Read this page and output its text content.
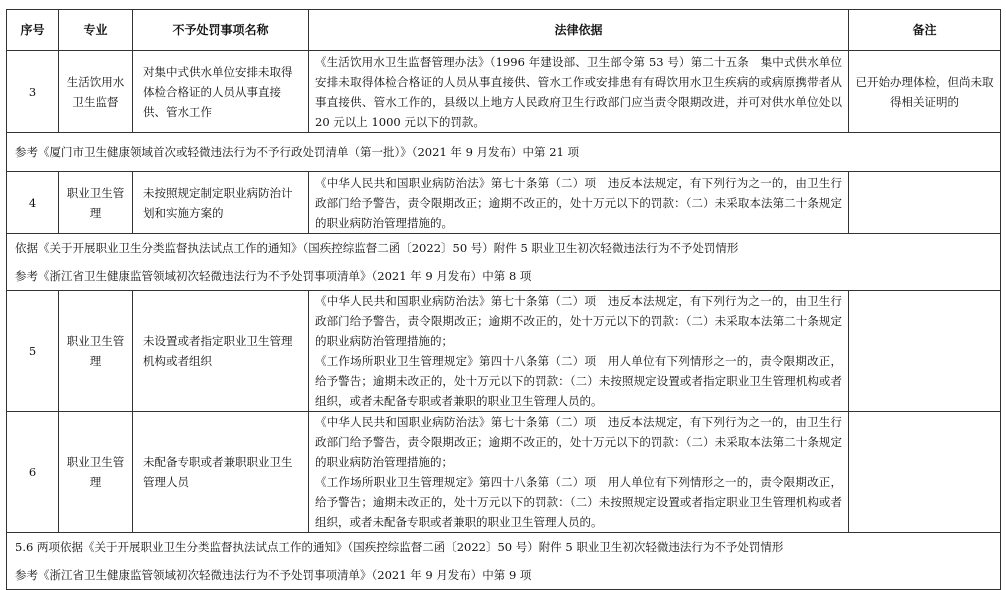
序号	专业	不予处罚事项名称	法律依据	备注
3	生活饮用水卫生监督	对集中式供水单位安排未取得体检合格证的人员从事直接供、管水工作	《生活饮用水卫生监督管理办法》（1996 年建设部、卫生部令第 53 号）第二十五条　集中式供水单位安排未取得体检合格证的人员从事直接供、管水工作或安排患有有碍饮用水卫生疾病的或病原携带者从事直接供、管水工作的，县级以上地方人民政府卫生行政部门应当责令限期改进，并可对供水单位处以 20 元以上 1000 元以下的罚款。	已开始办理体检，但尚未取得相关证明的
参考《厦门市卫生健康领域首次或轻微违法行为不予行政处罚清单（第一批）》（2021 年 9 月发布）中第 21 项				
4	职业卫生管理	未按照规定制定职业病防治计划和实施方案的	《中华人民共和国职业病防治法》第七十条第（二）项　违反本法规定，有下列行为之一的，由卫生行政部门给予警告，责令限期改正；逾期不改正的，处十万元以下的罚款：（二）未采取本法第二十条规定的职业病防治管理措施的。	

依据《关于开展职业卫生分类监督执法试点工作的通知》（国疾控综监督二函〔2022〕50 号）附件 5 职业卫生初次轻微违法行为不予处罚情形
参考《浙江省卫生健康监管领域初次轻微违法行为不予处罚事项清单》（2021 年 9 月发布）中第 8 项				

5	职业卫生管理	未设置或者指定职业卫生管理机构或者组织	《中华人民共和国职业病防治法》第七十条第（二）项　违反本法规定，有下列行为之一的，由卫生行政部门给予警告，责令限期改正；逾期不改正的，处十万元以下的罚款：（二）未采取本法第二十条规定的职业病防治管理措施的；
《工作场所职业卫生管理规定》第四十八条第（二）项　用人单位有下列情形之一的，责令限期改正，给予警告；逾期未改正的，处十万元以下的罚款：（二）未按照规定设置或者指定职业卫生管理机构或者组织，或者未配备专职或者兼职的职业卫生管理人员的。	

6	职业卫生管理	未配备专职或者兼职职业卫生管理人员	《中华人民共和国职业病防治法》第七十条第（二）项　违反本法规定，有下列行为之一的，由卫生行政部门给予警告，责令限期改正；逾期不改正的，处十万元以下的罚款：（二）未采取本法第二十条规定的职业病防治管理措施的；
《工作场所职业卫生管理规定》第四十八条第（二）项　用人单位有下列情形之一的，责令限期改正，给予警告；逾期未改正的，处十万元以下的罚款：（二）未按照规定设置或者指定职业卫生管理机构或者组织，或者未配备专职或者兼职的职业卫生管理人员的。	

5.6 两项依据《关于开展职业卫生分类监督执法试点工作的通知》（国疾控综监督二函〔2022〕50 号）附件 5 职业卫生初次轻微违法行为不予处罚情形
参考《浙江省卫生健康监管领域初次轻微违法行为不予处罚事项清单》（2021 年 9 月发布）中第 9 项				
